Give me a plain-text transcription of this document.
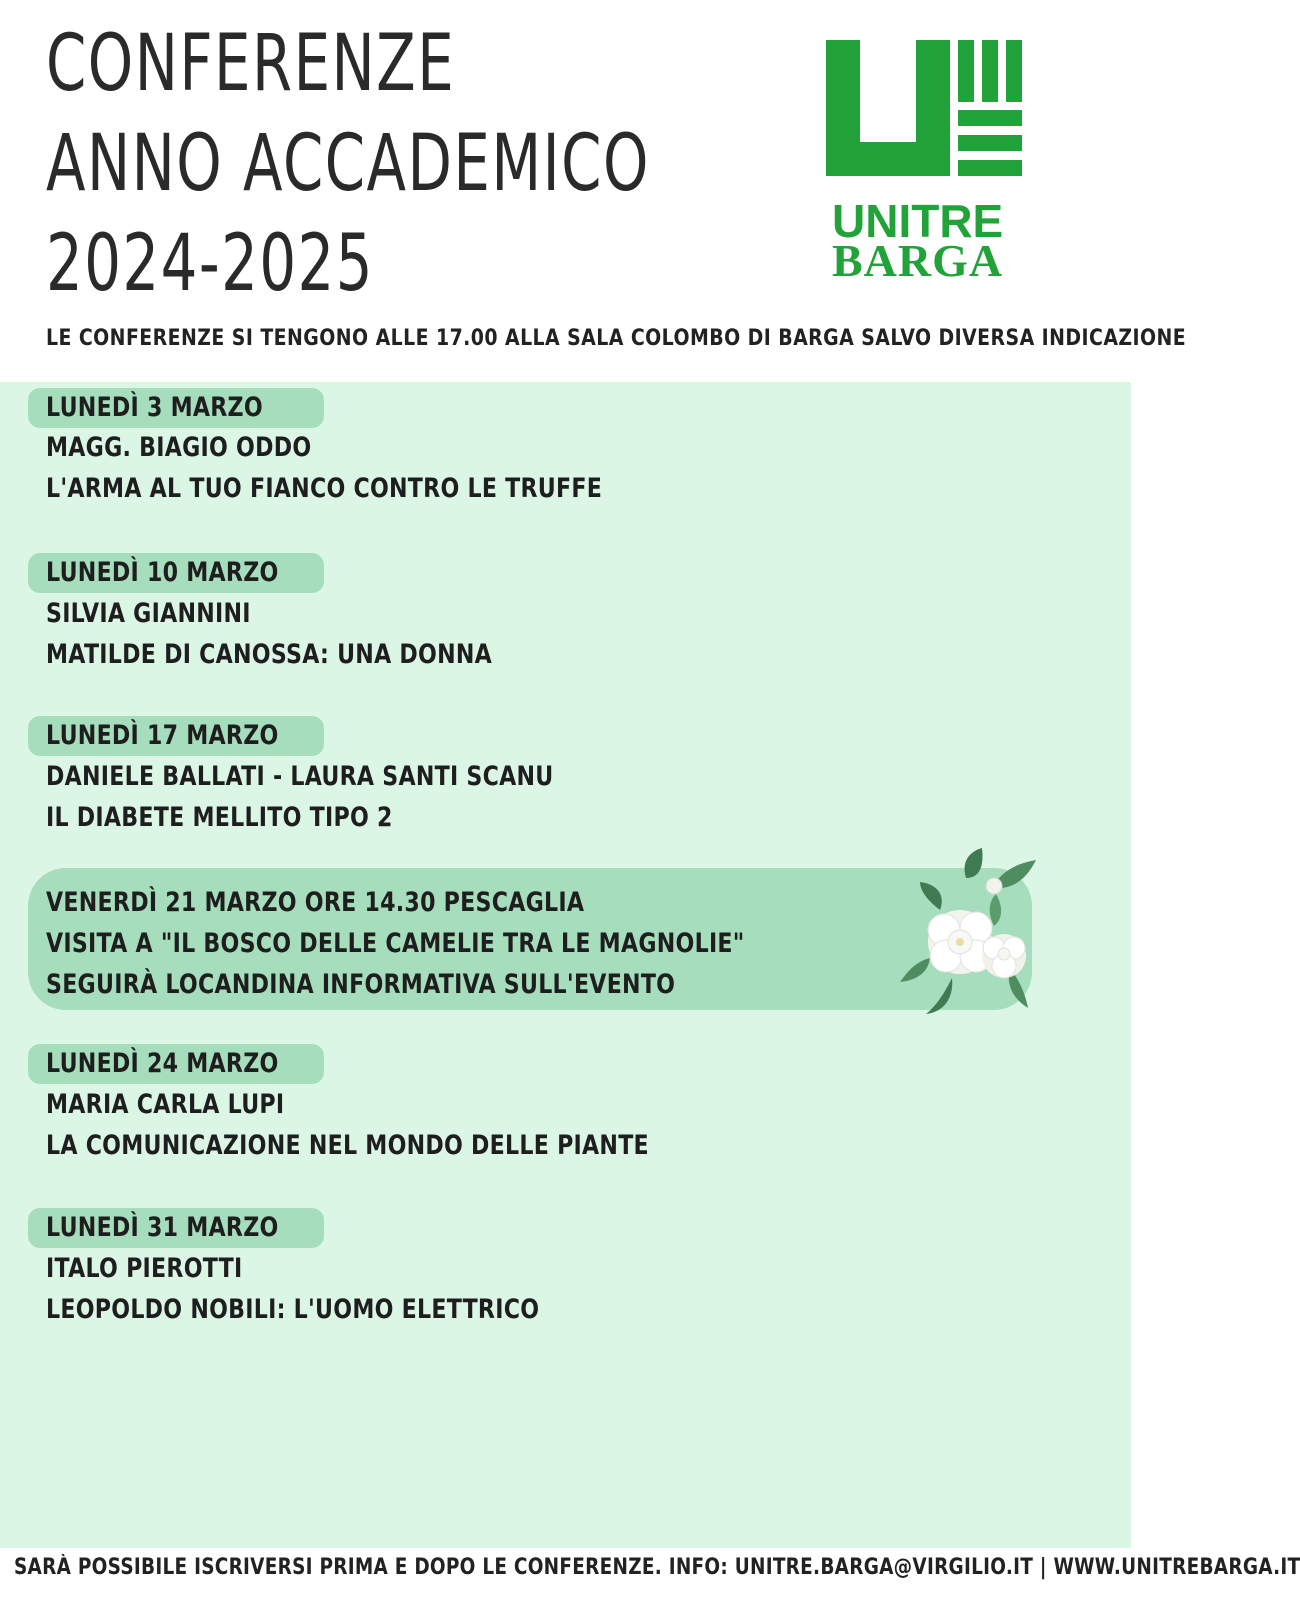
CONFERENZE
ANNO ACCADEMICO
2024-2025	UNITRE
BARGA
LE CONFERENZE SI TENGONO ALLE 17.00 ALLA SALA COLOMBO DI BARGA SALVO DIVERSA INDICAZIONE
LUNEDÌ 3 MARZO
MAGG. BIAGIO ODDO
L'ARMA AL TUO FIANCO CONTRO LE TRUFFE
LUNEDÌ 10 MARZO
SILVIA GIANNINI
MATILDE DI CANOSSA: UNA DONNA
LUNEDÌ 17 MARZO
DANIELE BALLATI - LAURA SANTI SCANU
IL DIABETE MELLITO TIPO 2
VENERDÌ 21 MARZO ORE 14.30 PESCAGLIA
VISITA A "IL BOSCO DELLE CAMELIE TRA LE MAGNOLIE"
SEGUIRÀ LOCANDINA INFORMATIVA SULL'EVENTO
LUNEDÌ 24 MARZO
MARIA CARLA LUPI
LA COMUNICAZIONE NEL MONDO DELLE PIANTE
LUNEDÌ 31 MARZO
ITALO PIEROTTI
LEOPOLDO NOBILI: L'UOMO ELETTRICO
SARÀ POSSIBILE ISCRIVERSI PRIMA E DOPO LE CONFERENZE. INFO: UNITRE.BARGA@VIRGILIO.IT | WWW.UNITREBARGA.IT
